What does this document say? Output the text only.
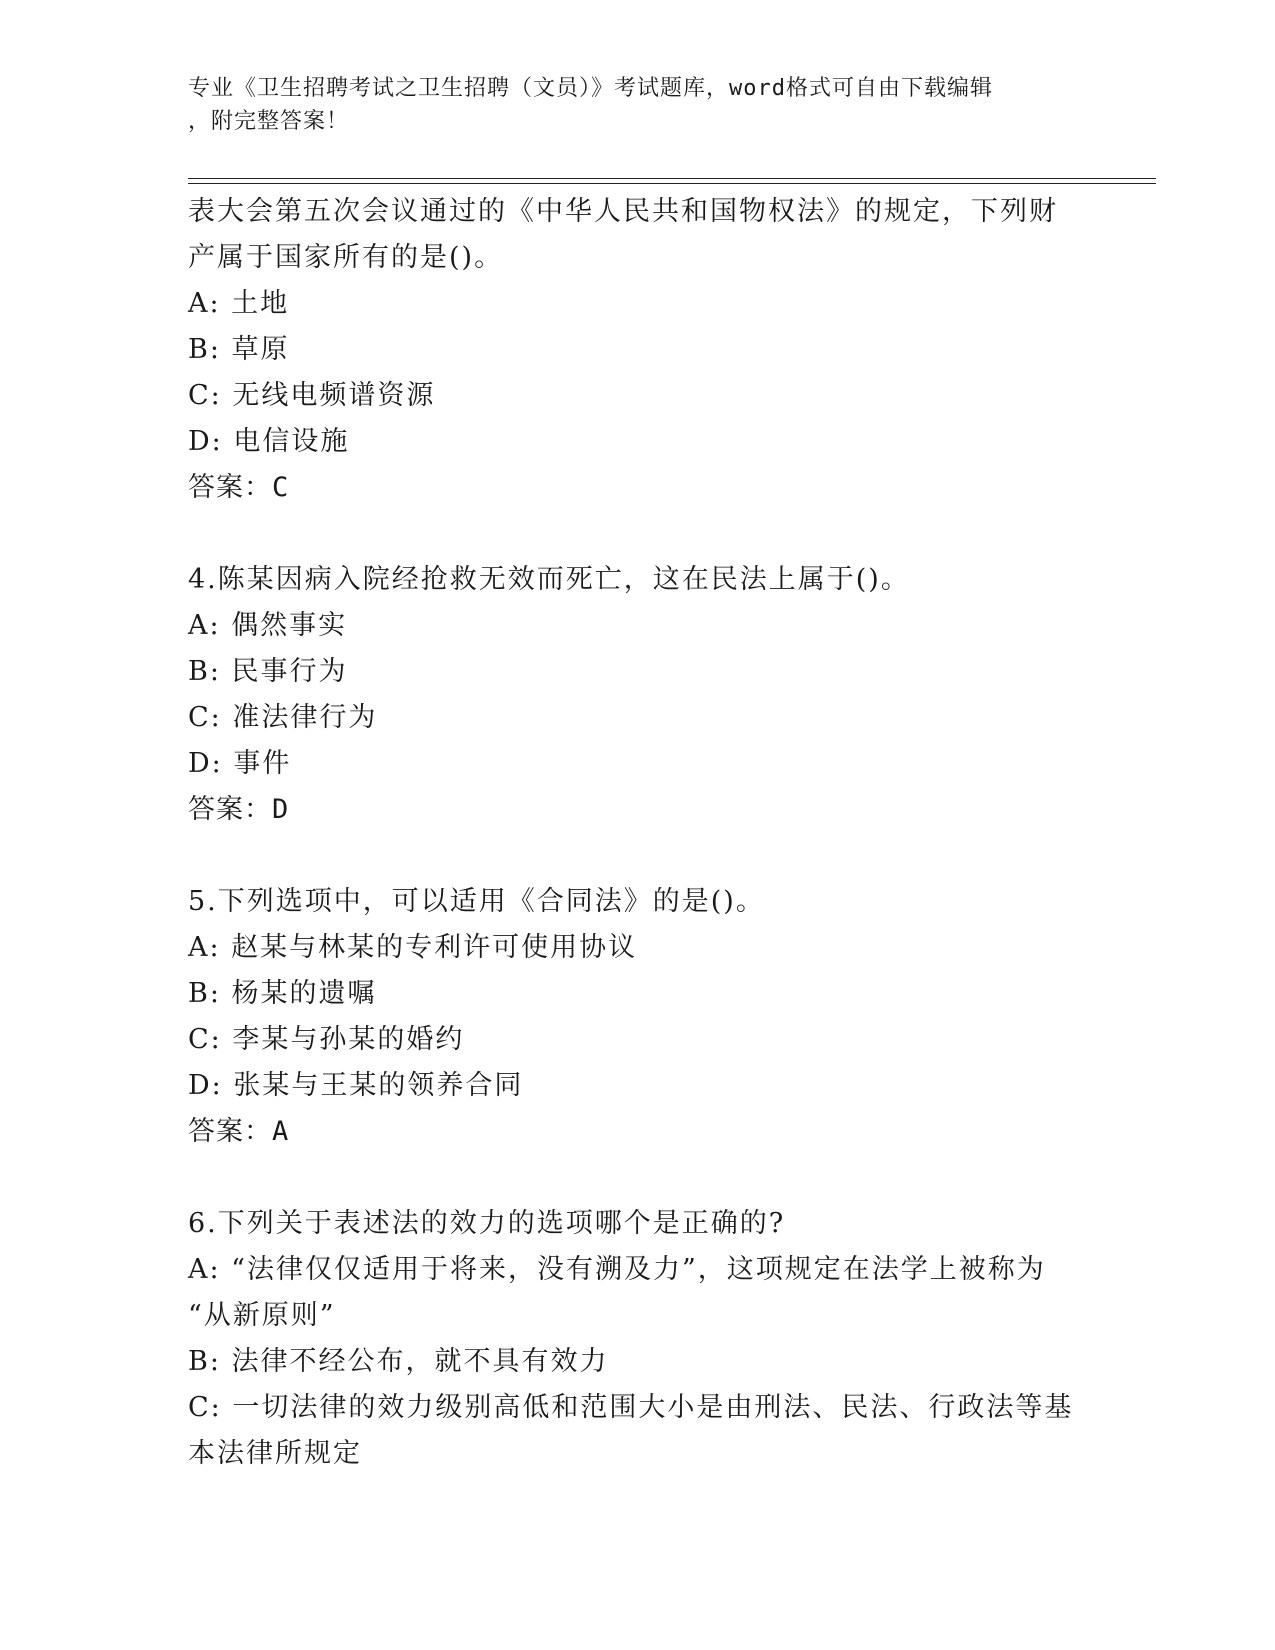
专业《卫生招聘考试之卫生招聘（文员）》考试题库，word格式可自由下载编辑
，附完整答案！
表大会第五次会议通过的《中华人民共和国物权法》的规定，下列财
产属于国家所有的是()。
A: 土地
B: 草原
C: 无线电频谱资源
D: 电信设施
答案：C
4.陈某因病入院经抢救无效而死亡，这在民法上属于()。
A: 偶然事实
B: 民事行为
C: 准法律行为
D: 事件
答案：D
5.下列选项中，可以适用《合同法》的是()。
A: 赵某与林某的专利许可使用协议
B: 杨某的遗嘱
C: 李某与孙某的婚约
D: 张某与王某的领养合同
答案：A
6.下列关于表述法的效力的选项哪个是正确的?
A: “法律仅仅适用于将来，没有溯及力”，这项规定在法学上被称为
“从新原则”
B: 法律不经公布，就不具有效力
C: 一切法律的效力级别高低和范围大小是由刑法、民法、行政法等基
本法律所规定
